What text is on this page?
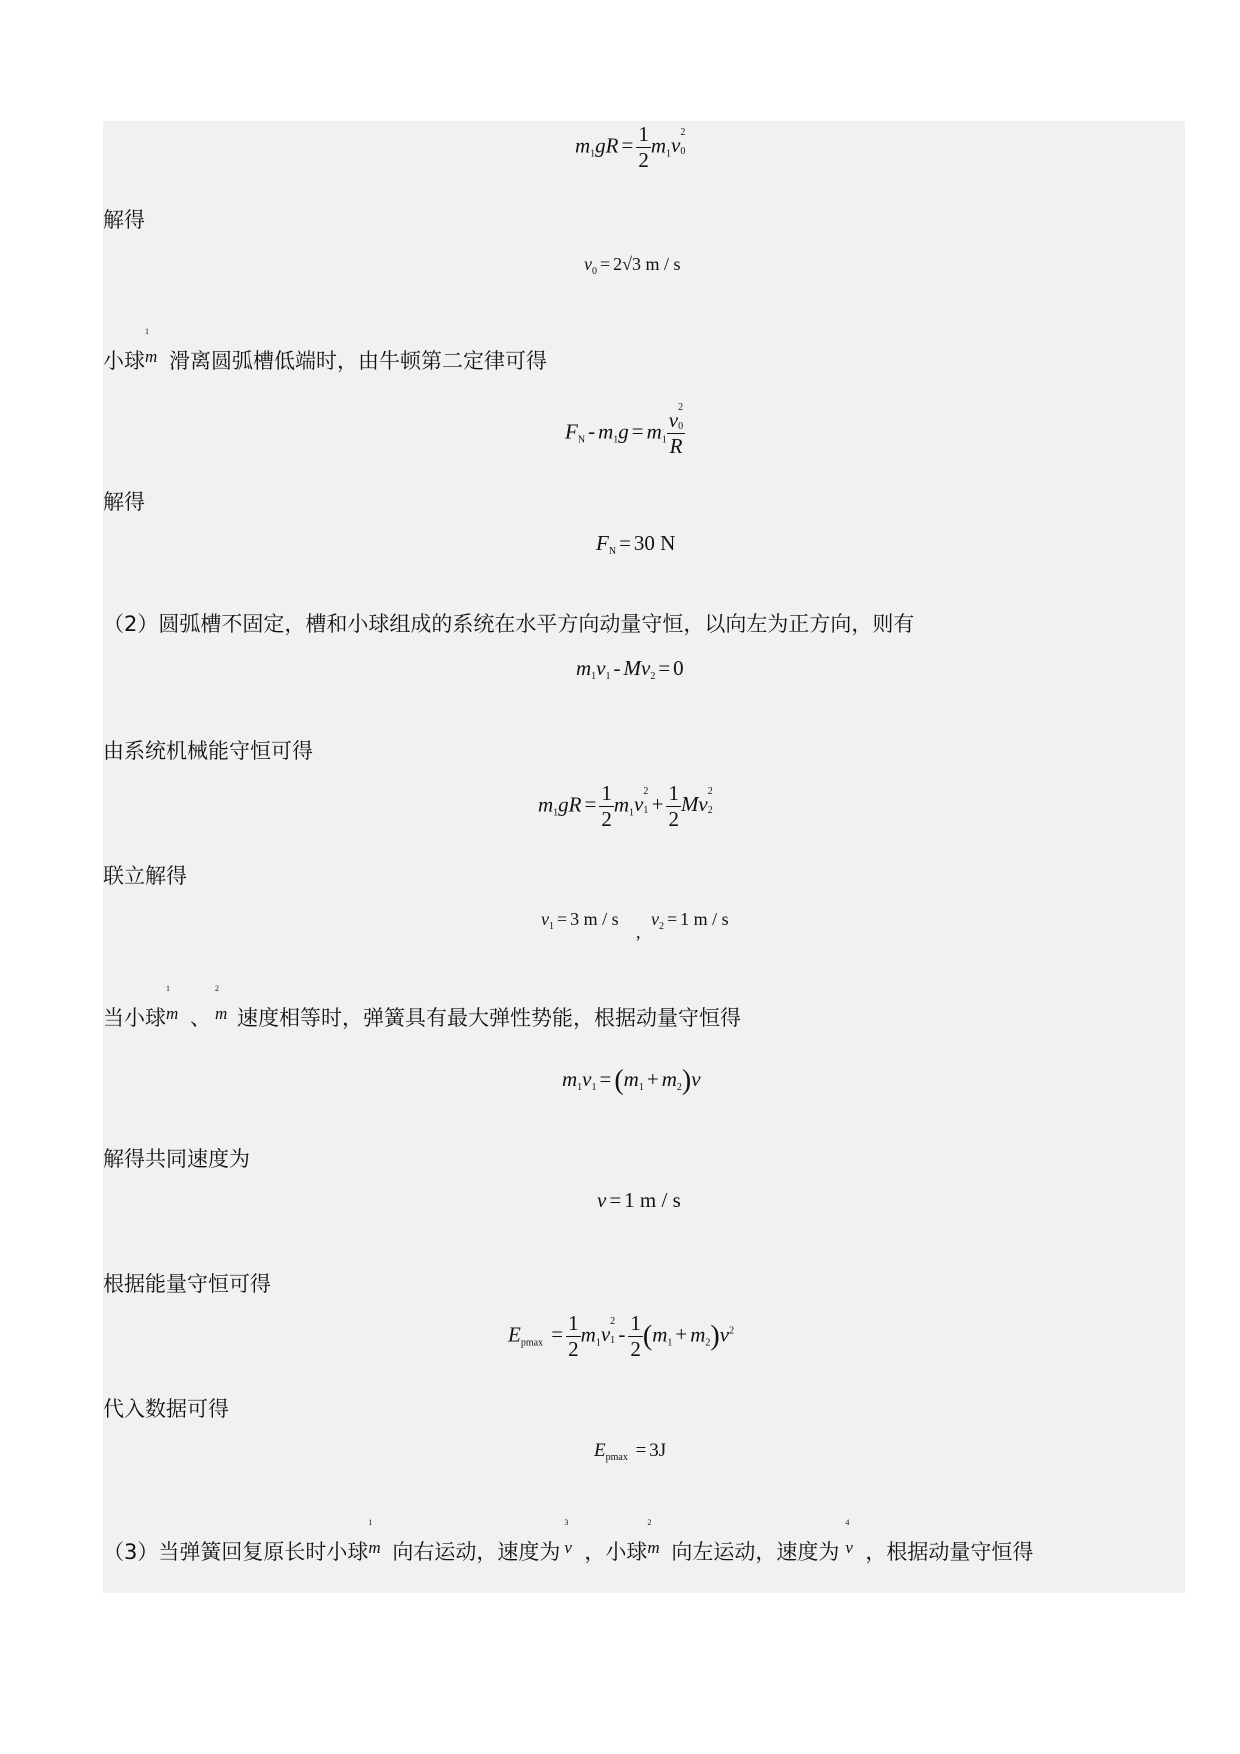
$m_1gR = \frac{1}{2} m_1v$
2
0
解得
$v_0 = 2√3$ m / s
小球 m
1
滑离圆弧槽低端时，由牛顿第二定律可得
$F_N - m_1g = m_1$ v
2
0

R
解得
$F_N = 30$ N
（2）圆弧槽不固定，槽和小球组成的系统在水平方向动量守恒，以向左为正方向，则有
$m_1v_1 - Mv_2 = 0$
由系统机械能守恒可得
$m_1gR = \frac{1}{2} m_1v$
2
$1 + \frac{1}{2}$ Mv
2
2
联立解得
$v_1 = 3$ m / s
,
$v_2 = 1$ m / s
当小球 m
1
、 m
2
速度相等时，弹簧具有最大弹性势能，根据动量守恒得
$m_1v_1 = (m_1 + m_2)v$
解得共同速度为
v = 1 m / s
根据能量守恒可得
$E_{pmax} = \frac{1}{2} m_1v$
2
$1 - \frac{1}{2} (m_1 + m_2)v^2$
代入数据可得
$E_{pmax} = 3J$
（3）当弹簧回复原长时小球 m
1
向右运动，速度为 v
3
，小球 m
2
向左运动，速度为 v
4
，根据动量守恒得
